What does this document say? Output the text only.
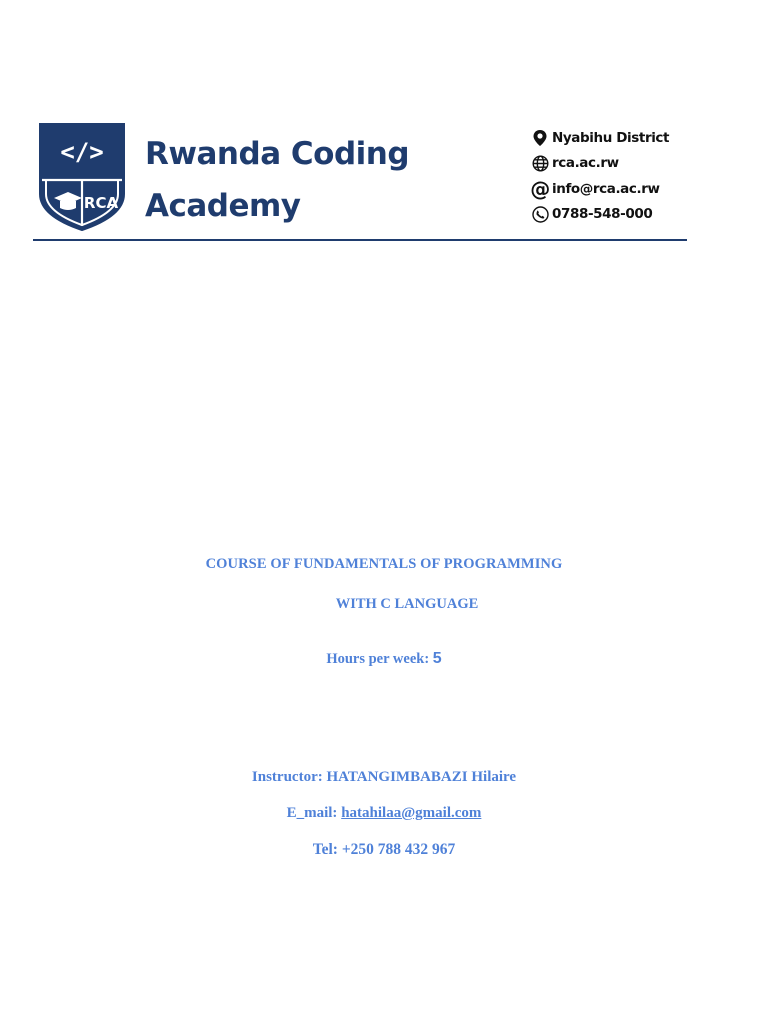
</>
RCA
Rwanda Coding
Academy
Nyabihu District
rca.ac.rw
@ info@rca.ac.rw
0788-548-000
COURSE OF FUNDAMENTALS OF PROGRAMMING
WITH C LANGUAGE
Hours per week: 5
Instructor: HATANGIMBABAZI Hilaire
E_mail: hatahilaa@gmail.com
Tel: +250 788 432 967
